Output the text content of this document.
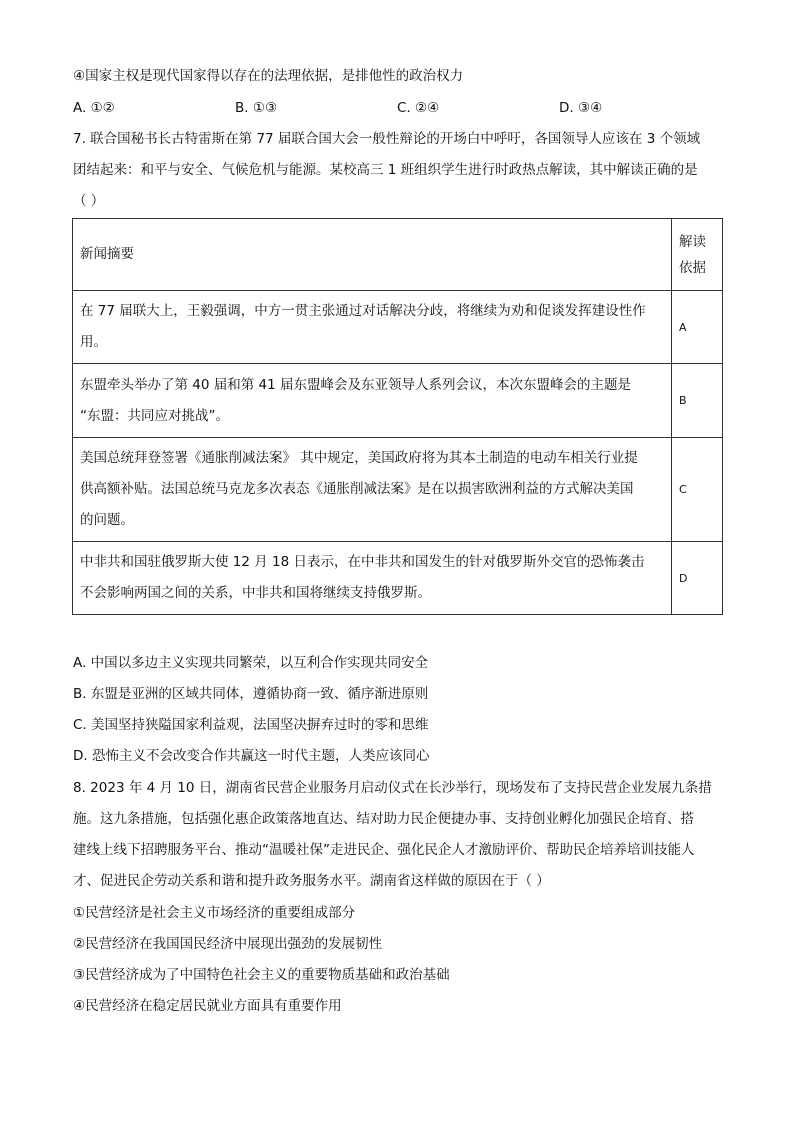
④国家主权是现代国家得以存在的法理依据，是排他性的政治权力
A. ①②	B. ①③	C. ②④	D. ③④
7. 联合国秘书长古特雷斯在第 77 届联合国大会一般性辩论的开场白中呼吁，各国领导人应该在 3 个领域
团结起来：和平与安全、气候危机与能源。某校高三 1 班组织学生进行时政热点解读，其中解读正确的是
（ ）
新闻摘要	解读
依据
在 77 届联大上，王毅强调，中方一贯主张通过对话解决分歧，将继续为劝和促谈发挥建设性作
用。	A
东盟牵头举办了第 40 届和第 41 届东盟峰会及东亚领导人系列会议，本次东盟峰会的主题是
“东盟：共同应对挑战”。	B
美国总统拜登签署《通胀削减法案》 其中规定，美国政府将为其本土制造的电动车相关行业提
供高额补贴。法国总统马克龙多次表态《通胀削减法案》是在以损害欧洲利益的方式解决美国
的问题。	C
中非共和国驻俄罗斯大使 12 月 18 日表示，在中非共和国发生的针对俄罗斯外交官的恐怖袭击
不会影响两国之间的关系，中非共和国将继续支持俄罗斯。	D
A. 中国以多边主义实现共同繁荣，以互利合作实现共同安全
B. 东盟是亚洲的区域共同体，遵循协商一致、循序渐进原则
C. 美国坚持狭隘国家利益观，法国坚决摒弃过时的零和思维
D. 恐怖主义不会改变合作共赢这一时代主题，人类应该同心
8. 2023 年 4 月 10 日，湖南省民营企业服务月启动仪式在长沙举行，现场发布了支持民营企业发展九条措
施。这九条措施，包括强化惠企政策落地直达、结对助力民企便捷办事、支持创业孵化加强民企培育、搭
建线上线下招聘服务平台、推动“温暖社保”走进民企、强化民企人才激励评价、帮助民企培养培训技能人
才、促进民企劳动关系和谐和提升政务服务水平。湖南省这样做的原因在于（ ）
①民营经济是社会主义市场经济的重要组成部分
②民营经济在我国国民经济中展现出强劲的发展韧性
③民营经济成为了中国特色社会主义的重要物质基础和政治基础
④民营经济在稳定居民就业方面具有重要作用
